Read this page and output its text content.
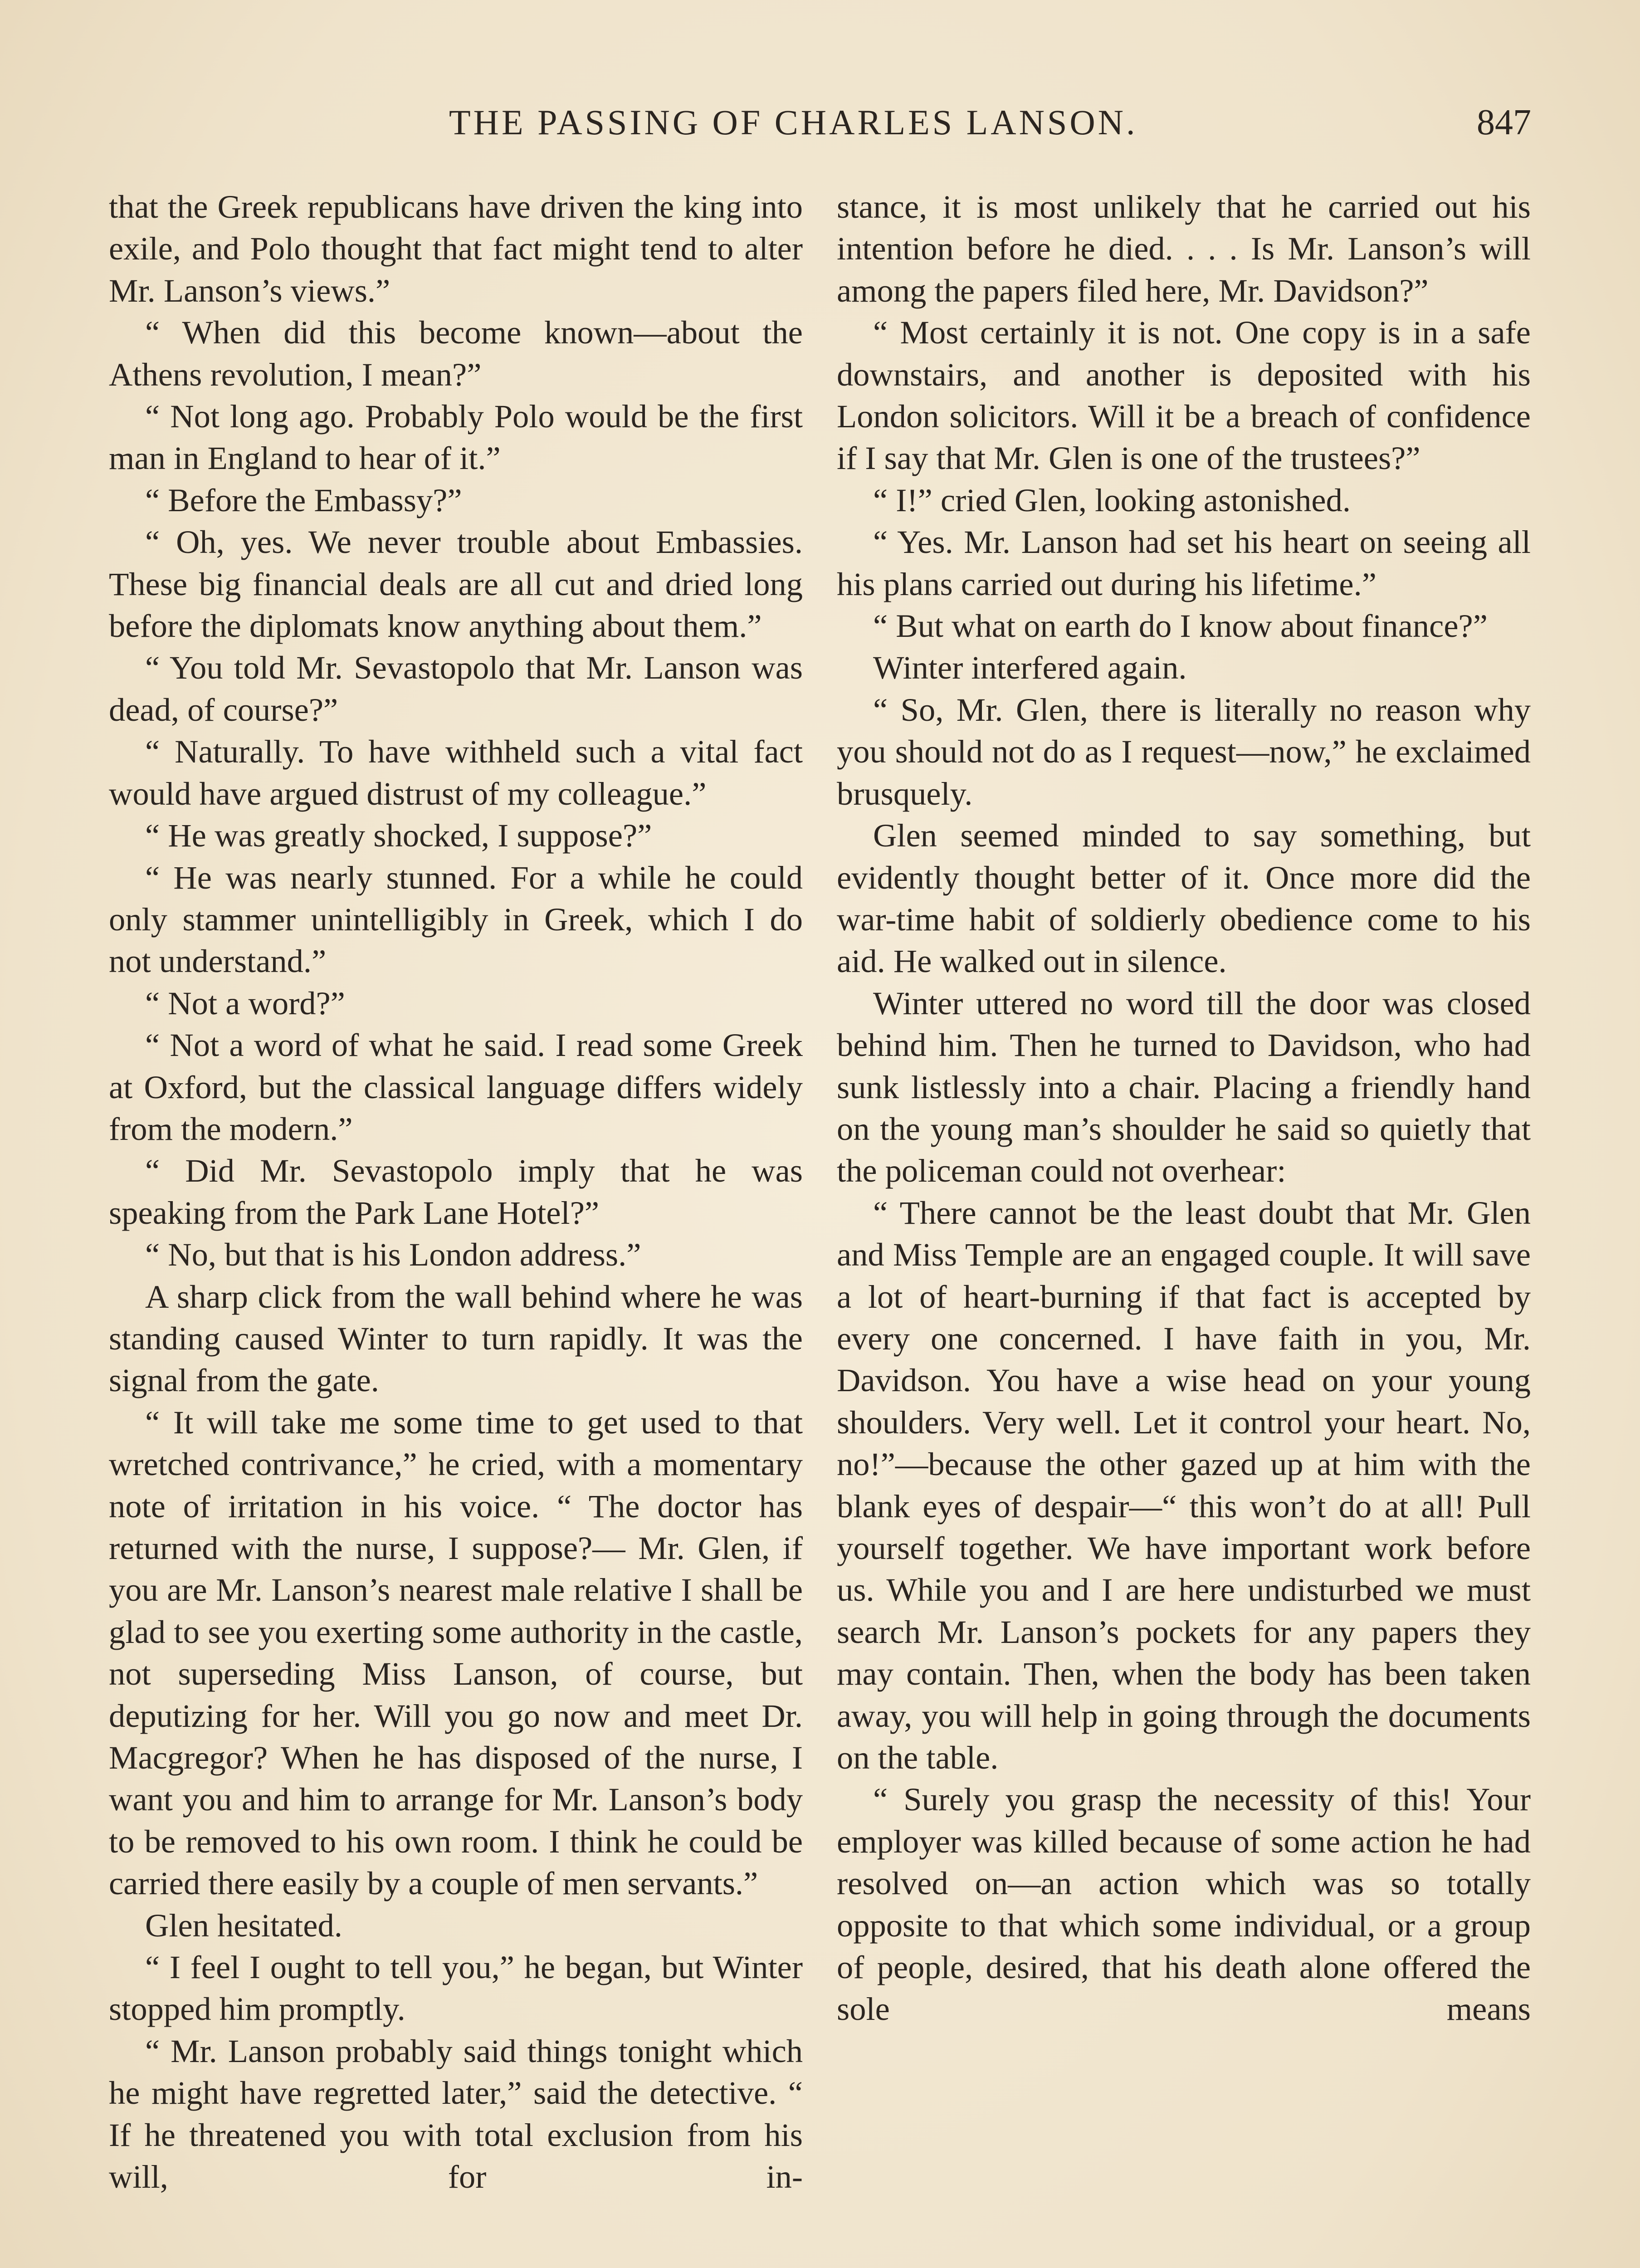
THE PASSING OF CHARLES LANSON.	847

that the Greek republicans have driven the king into exile, and Polo thought that fact might tend to alter Mr. Lanson’s views.”

“ When did this become known—about the Athens revolution, I mean?”

“ Not long ago. Probably Polo would be the first man in England to hear of it.”

“ Before the Embassy?”

“ Oh, yes. We never trouble about Embassies. These big financial deals are all cut and dried long before the diplomats know anything about them.”

“ You told Mr. Sevastopolo that Mr. Lanson was dead, of course?”

“ Naturally. To have withheld such a vital fact would have argued distrust of my colleague.”

“ He was greatly shocked, I suppose?”

“ He was nearly stunned. For a while he could only stammer unintelligibly in Greek, which I do not understand.”

“ Not a word?”

“ Not a word of what he said. I read some Greek at Oxford, but the classical language differs widely from the modern.”

“ Did Mr. Sevastopolo imply that he was speaking from the Park Lane Hotel?”

“ No, but that is his London address.”

A sharp click from the wall behind where he was standing caused Winter to turn rapidly. It was the signal from the gate.

“ It will take me some time to get used to that wretched contrivance,” he cried, with a momentary note of irritation in his voice. “ The doctor has returned with the nurse, I suppose?— Mr. Glen, if you are Mr. Lanson’s nearest male relative I shall be glad to see you exerting some authority in the castle, not superseding Miss Lanson, of course, but deputizing for her. Will you go now and meet Dr. Macgregor? When he has disposed of the nurse, I want you and him to arrange for Mr. Lanson’s body to be removed to his own room. I think he could be carried there easily by a couple of men servants.”

Glen hesitated.

“ I feel I ought to tell you,” he began, but Winter stopped him promptly.

“ Mr. Lanson probably said things tonight which he might have regretted later,” said the detective. “ If he threatened you with total exclusion from his will, for in-

stance, it is most unlikely that he carried out his intention before he died. . . . Is Mr. Lanson’s will among the papers filed here, Mr. Davidson?”

“ Most certainly it is not. One copy is in a safe downstairs, and another is deposited with his London solicitors. Will it be a breach of confidence if I say that Mr. Glen is one of the trustees?”

“ I!” cried Glen, looking astonished.

“ Yes. Mr. Lanson had set his heart on seeing all his plans carried out during his lifetime.”

“ But what on earth do I know about finance?”

Winter interfered again.

“ So, Mr. Glen, there is literally no reason why you should not do as I request—now,” he exclaimed brusquely.

Glen seemed minded to say something, but evidently thought better of it. Once more did the war-time habit of soldierly obedience come to his aid. He walked out in silence.

Winter uttered no word till the door was closed behind him. Then he turned to Davidson, who had sunk listlessly into a chair. Placing a friendly hand on the young man’s shoulder he said so quietly that the policeman could not overhear:

“ There cannot be the least doubt that Mr. Glen and Miss Temple are an engaged couple. It will save a lot of heart-burning if that fact is accepted by every one concerned. I have faith in you, Mr. Davidson. You have a wise head on your young shoulders. Very well. Let it control your heart. No, no!”—because the other gazed up at him with the blank eyes of despair—“ this won’t do at all! Pull yourself together. We have important work before us. While you and I are here undisturbed we must search Mr. Lanson’s pockets for any papers they may contain. Then, when the body has been taken away, you will help in going through the documents on the table.

“ Surely you grasp the necessity of this! Your employer was killed because of some action he had resolved on—an action which was so totally opposite to that which some individual, or a group of people, desired, that his death alone offered the sole means
